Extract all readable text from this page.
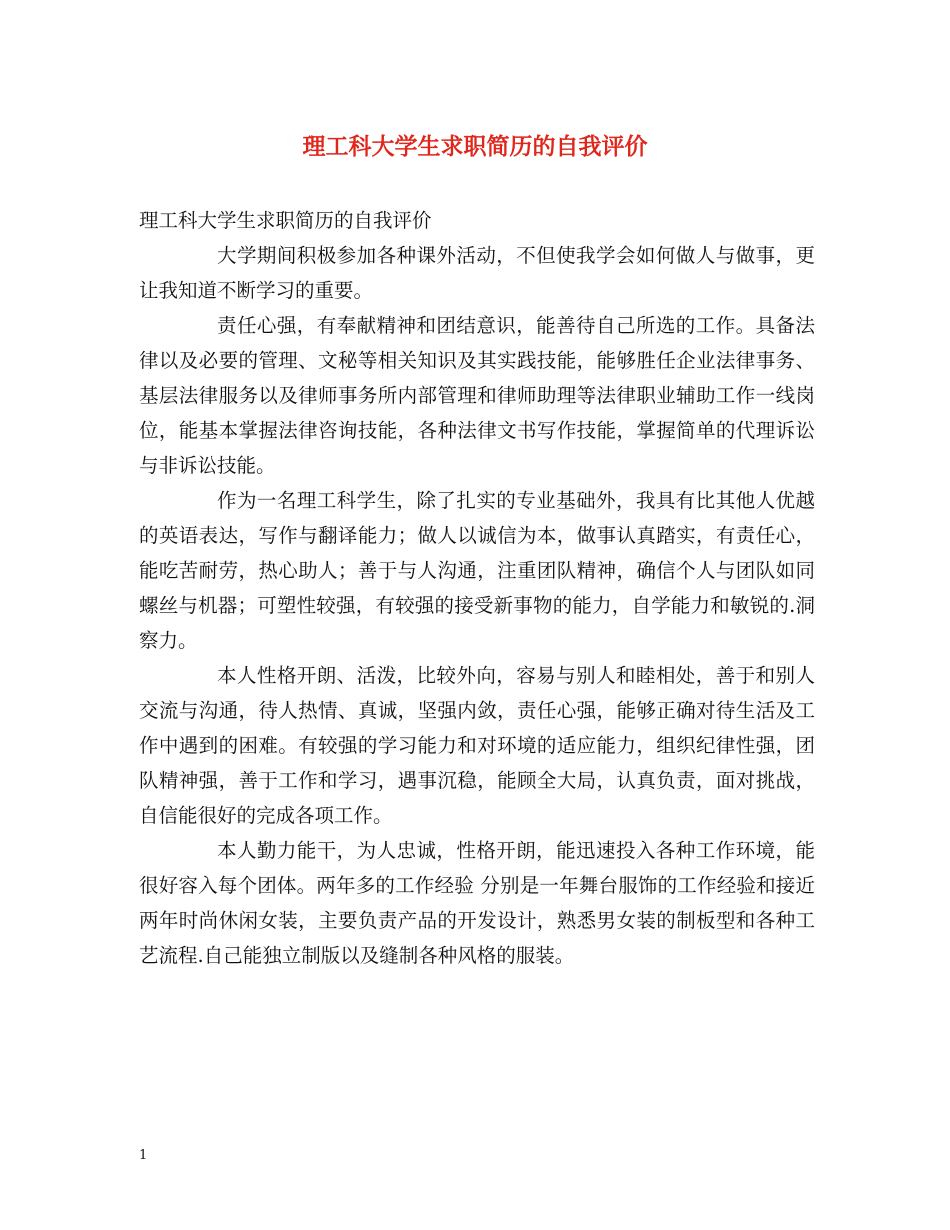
理工科大学生求职简历的自我评价

理工科大学生求职简历的自我评价

大学期间积极参加各种课外活动，不但使我学会如何做人与做事，更让我知道不断学习的重要。

责任心强，有奉献精神和团结意识，能善待自己所选的工作。具备法律以及必要的管理、文秘等相关知识及其实践技能，能够胜任企业法律事务、基层法律服务以及律师事务所内部管理和律师助理等法律职业辅助工作一线岗位，能基本掌握法律咨询技能，各种法律文书写作技能，掌握简单的代理诉讼与非诉讼技能。

作为一名理工科学生，除了扎实的专业基础外，我具有比其他人优越的英语表达，写作与翻译能力；做人以诚信为本，做事认真踏实，有责任心，能吃苦耐劳，热心助人；善于与人沟通，注重团队精神，确信个人与团队如同螺丝与机器；可塑性较强，有较强的接受新事物的能力，自学能力和敏锐的.洞察力。

本人性格开朗、活泼，比较外向，容易与别人和睦相处，善于和别人交流与沟通，待人热情、真诚，坚强内敛，责任心强，能够正确对待生活及工作中遇到的困难。有较强的学习能力和对环境的适应能力，组织纪律性强，团队精神强，善于工作和学习，遇事沉稳，能顾全大局，认真负责，面对挑战，自信能很好的完成各项工作。

本人勤力能干，为人忠诚，性格开朗，能迅速投入各种工作环境，能很好容入每个团体。两年多的工作经验 分别是一年舞台服饰的工作经验和接近两年时尚休闲女装，主要负责产品的开发设计，熟悉男女装的制板型和各种工艺流程.自己能独立制版以及缝制各种风格的服装。

1
